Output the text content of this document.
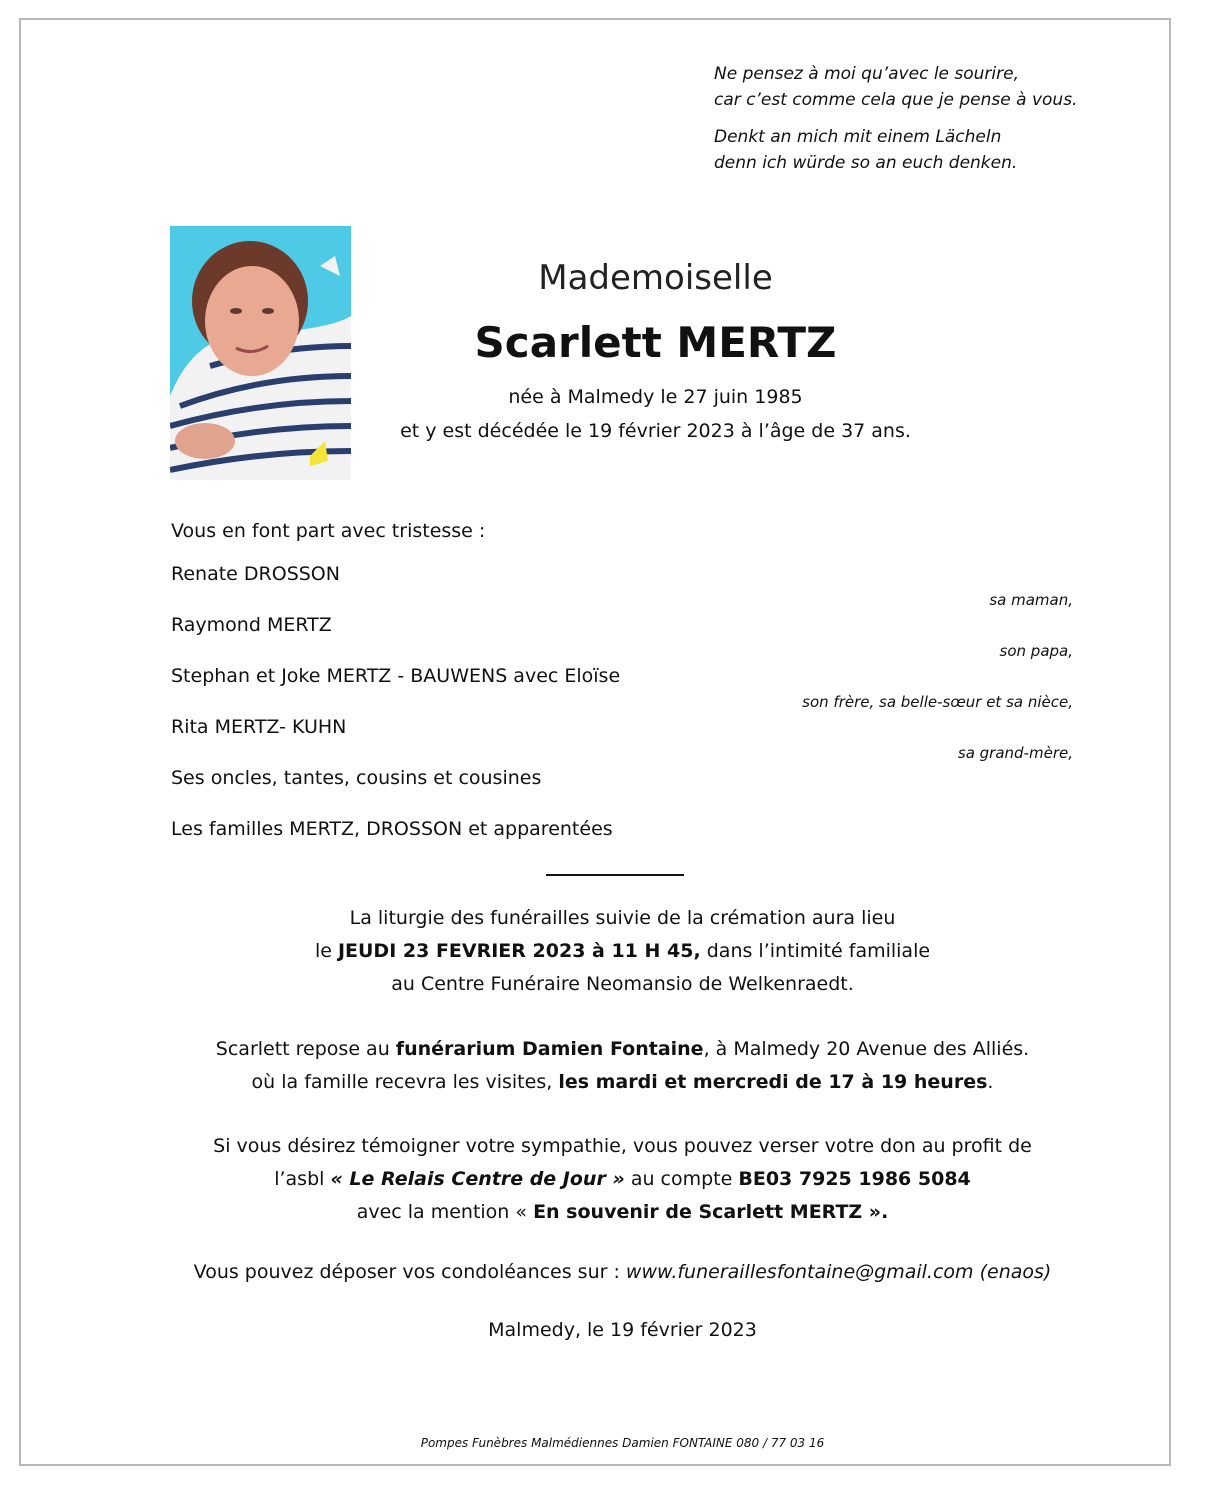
Ne pensez à moi qu’avec le sourire,
car c’est comme cela que je pense à vous.
Denkt an mich mit einem Lächeln
denn ich würde so an euch denken.
Mademoiselle
Scarlett MERTZ
née à Malmedy le 27 juin 1985
et y est décédée le 19 février 2023 à l’âge de 37 ans.
Vous en font part avec tristesse :
Renate DROSSON
sa maman,
Raymond MERTZ
son papa,
Stephan et Joke MERTZ - BAUWENS avec Eloïse
son frère, sa belle-sœur et sa nièce,
Rita MERTZ- KUHN
sa grand-mère,
Ses oncles, tantes, cousins et cousines
Les familles MERTZ, DROSSON et apparentées
La liturgie des funérailles suivie de la crémation aura lieu
le JEUDI 23 FEVRIER 2023 à 11 H 45, dans l’intimité familiale
au Centre Funéraire Neomansio de Welkenraedt.
Scarlett repose au funérarium Damien Fontaine, à Malmedy 20 Avenue des Alliés.
où la famille recevra les visites, les mardi et mercredi de 17 à 19 heures.
Si vous désirez témoigner votre sympathie, vous pouvez verser votre don au profit de
l’asbl « Le Relais Centre de Jour » au compte BE03 7925 1986 5084
avec la mention « En souvenir de Scarlett MERTZ ».
Vous pouvez déposer vos condoléances sur : www.funeraillesfontaine@gmail.com (enaos)
Malmedy, le 19 février 2023
Pompes Funèbres Malmédiennes Damien FONTAINE 080 / 77 03 16
